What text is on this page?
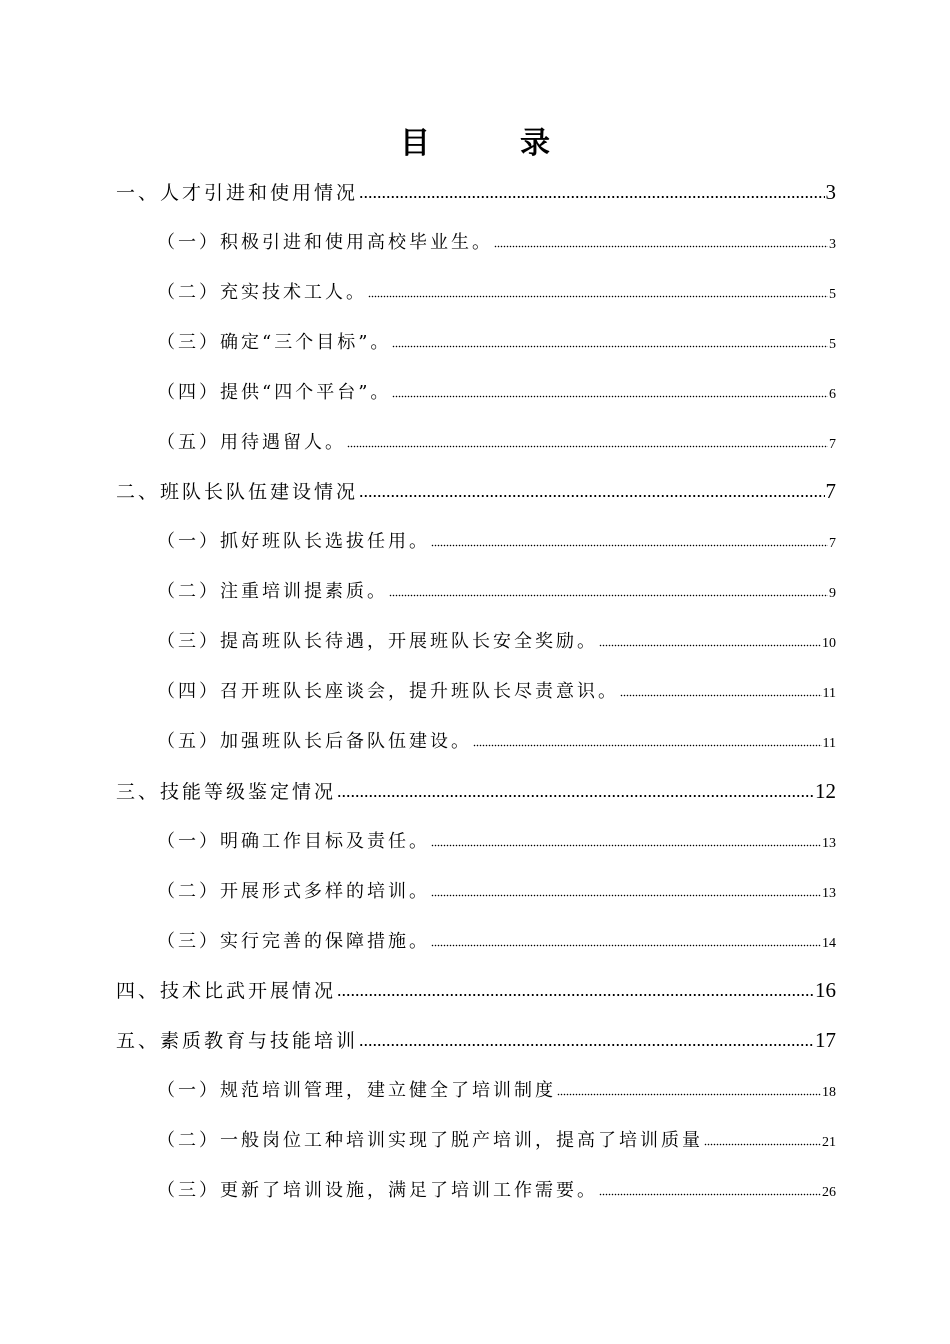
目　录
一、人才引进和使用情况	3
（一）积极引进和使用高校毕业生。	3
（二）充实技术工人。	5
（三）确定“三个目标”。	5
（四）提供“四个平台”。	6
（五）用待遇留人。	7
二、班队长队伍建设情况	7
（一）抓好班队长选拔任用。	7
（二）注重培训提素质。	9
（三）提高班队长待遇，开展班队长安全奖励。	10
（四）召开班队长座谈会，提升班队长尽责意识。	11
（五）加强班队长后备队伍建设。	11
三、技能等级鉴定情况	12
（一）明确工作目标及责任。	13
（二）开展形式多样的培训。	13
（三）实行完善的保障措施。	14
四、技术比武开展情况	16
五、素质教育与技能培训	17
（一）规范培训管理，建立健全了培训制度	18
（二）一般岗位工种培训实现了脱产培训，提高了培训质量	21
（三）更新了培训设施，满足了培训工作需要。	26
